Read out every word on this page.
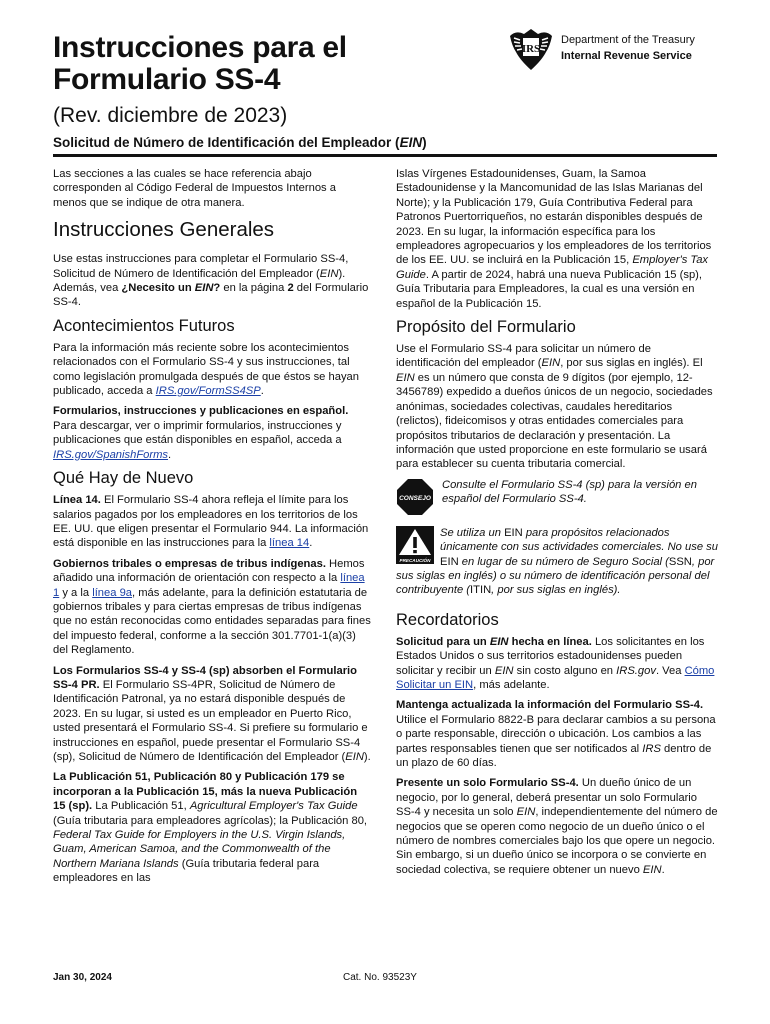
Instrucciones para el
Formulario SS-4
(Rev. diciembre de 2023)
Solicitud de Número de Identificación del Empleador (EIN)
IRS
Department of the Treasury
Internal Revenue Service

Las secciones a las cuales se hace referencia abajo corresponden al Código Federal de Impuestos Internos a menos que se indique de otra manera.

Instrucciones Generales

Use estas instrucciones para completar el Formulario SS-4, Solicitud de Número de Identificación del Empleador (EIN). Además, vea ¿Necesito un EIN? en la página 2 del Formulario SS-4.

Acontecimientos Futuros

Para la información más reciente sobre los acontecimientos relacionados con el Formulario SS-4 y sus instrucciones, tal como legislación promulgada después de que éstos se hayan publicado, acceda a IRS.gov/FormSS4SP.

Formularios, instrucciones y publicaciones en español. Para descargar, ver o imprimir formularios, instrucciones y publicaciones que están disponibles en español, acceda a IRS.gov/SpanishForms.

Qué Hay de Nuevo

Línea 14. El Formulario SS-4 ahora refleja el límite para los salarios pagados por los empleadores en los territorios de los EE. UU. que eligen presentar el Formulario 944. La información está disponible en las instrucciones para la línea 14.

Gobiernos tribales o empresas de tribus indígenas. Hemos añadido una información de orientación con respecto a la línea 1 y a la línea 9a, más adelante, para la definición estatutaria de gobiernos tribales y para ciertas empresas de tribus indígenas que no están reconocidas como entidades separadas para fines del impuesto federal, conforme a la sección 301.7701-1(a)(3) del Reglamento.

Los Formularios SS-4 y SS-4 (sp) absorben el Formulario SS-4 PR. El Formulario SS-4PR, Solicitud de Número de Identificación Patronal, ya no estará disponible después de 2023. En su lugar, si usted es un empleador en Puerto Rico, usted presentará el Formulario SS-4. Si prefiere su formulario e instrucciones en español, puede presentar el Formulario SS-4 (sp), Solicitud de Número de Identificación del Empleador (EIN).

La Publicación 51, Publicación 80 y Publicación 179 se incorporan a la Publicación 15, más la nueva Publicación 15 (sp). La Publicación 51, Agricultural Employer's Tax Guide (Guía tributaria para empleadores agrícolas); la Publicación 80, Federal Tax Guide for Employers in the U.S. Virgin Islands, Guam, American Samoa, and the Commonwealth of the Northern Mariana Islands (Guía tributaria federal para empleadores en las

Islas Vírgenes Estadounidenses, Guam, la Samoa Estadounidense y la Mancomunidad de las Islas Marianas del Norte); y la Publicación 179, Guía Contributiva Federal para Patronos Puertorriqueños, no estarán disponibles después de 2023. En su lugar, la información específica para los empleadores agropecuarios y los empleadores de los territorios de los EE. UU. se incluirá en la Publicación 15, Employer's Tax Guide. A partir de 2024, habrá una nueva Publicación 15 (sp), Guía Tributaria para Empleadores, la cual es una versión en español de la Publicación 15.

Propósito del Formulario

Use el Formulario SS-4 para solicitar un número de identificación del empleador (EIN, por sus siglas en inglés). El EIN es un número que consta de 9 dígitos (por ejemplo, 12-3456789) expedido a dueños únicos de un negocio, sociedades anónimas, sociedades colectivas, caudales hereditarios (relictos), fideicomisos y otras entidades comerciales para propósitos tributarios de declaración y presentación. La información que usted proporcione en este formulario se usará para establecer su cuenta tributaria comercial.

CONSEJO
Consulte el Formulario SS-4 (sp) para la versión en español del Formulario SS-4.
PRECAUCIÓN
Se utiliza un EIN para propósitos relacionados únicamente con sus actividades comerciales. No use su EIN en lugar de su número de Seguro Social (SSN, por sus siglas en inglés) o su número de identificación personal del contribuyente (ITIN, por sus siglas en inglés).
Recordatorios

Solicitud para un EIN hecha en línea. Los solicitantes en los Estados Unidos o sus territorios estadounidenses pueden solicitar y recibir un EIN sin costo alguno en IRS.gov. Vea Cómo Solicitar un EIN, más adelante.

Mantenga actualizada la información del Formulario SS-4. Utilice el Formulario 8822-B para declarar cambios a su persona o parte responsable, dirección o ubicación. Los cambios a las partes responsables tienen que ser notificados al IRS dentro de un plazo de 60 días.

Presente un solo Formulario SS-4. Un dueño único de un negocio, por lo general, deberá presentar un solo Formulario SS-4 y necesita un solo EIN, independientemente del número de negocios que se operen como negocio de un dueño único o el número de nombres comerciales bajo los que opere un negocio. Sin embargo, si un dueño único se incorpora o se convierte en sociedad colectiva, se requiere obtener un nuevo EIN.

Jan 30, 2024	Cat. No. 93523Y
